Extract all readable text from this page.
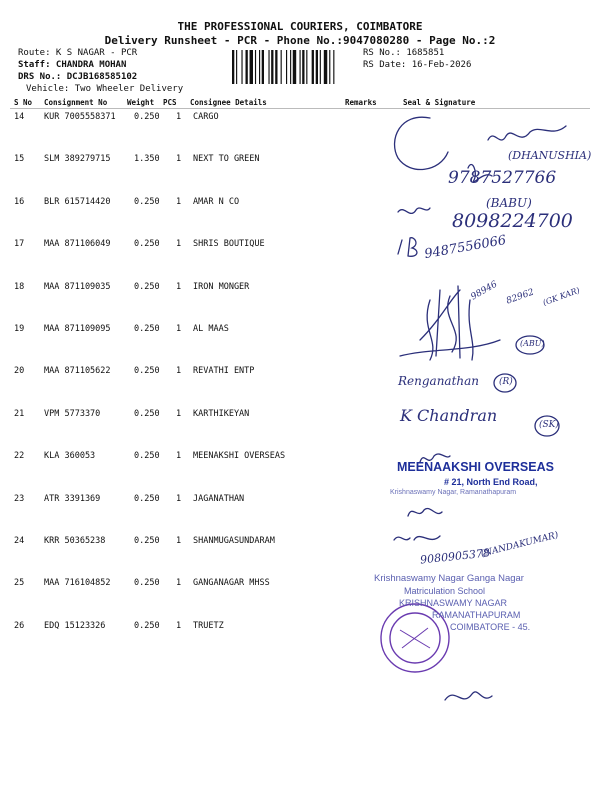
THE PROFESSIONAL COURIERS, COIMBATORE
Delivery Runsheet - PCR - Phone No.:9047080280 - Page No.:2
Route: K S NAGAR - PCR
Staff: CHANDRA MOHAN
DRS No.: DCJB168585102
Vehicle: Two Wheeler Delivery
RS No.: 1685851
RS Date: 16-Feb-2026
S No Consignment No	Weight PCS Consignee Details	Remarks	Seal & Signature
14 KUR 7005558371 0.250 1 CARGO
15 SLM 389279715	1.350 1 NEXT TO GREEN
16 BLR 615714420	0.250 1 AMAR N CO
17 MAA 871106049	0.250 1 SHRIS BOUTIQUE
18 MAA 871109035	0.250 1 IRON MONGER
19 MAA 871109095	0.250 1 AL MAAS
20 MAA 871105622	0.250 1 REVATHI ENTP
21 VPM 5773370	0.250 1 KARTHIKEYAN
22 KLA 360053	0.250 1 MEENAKSHI OVERSEAS
23 ATR 3391369	0.250 1 JAGANATHAN
24 KRR 50365238	0.250 1 SHANMUGASUNDARAM
25 MAA 716104852	0.250 1 GANGANAGAR MHSS
26 EDQ 15123326	0.250 1 TRUETZ
(DHANUSHIA)
9787527766
(BABU)
8098224700
9487556066
98946 82962 (GK KAR)
(ABU)
Renganathan (R)
K Chandran	(SK)
9080905378
(NANDAKUMAR)
MEENAAKSHI OVERSEAS
# 21, North End Road,
Krishnaswamy Nagar, Ramanathapuram
Krishnaswamy Nagar Ganga Nagar
Matriculation School
KRISHNASWAMY NAGAR
RAMANATHAPURAM
COIMBATORE - 45.
